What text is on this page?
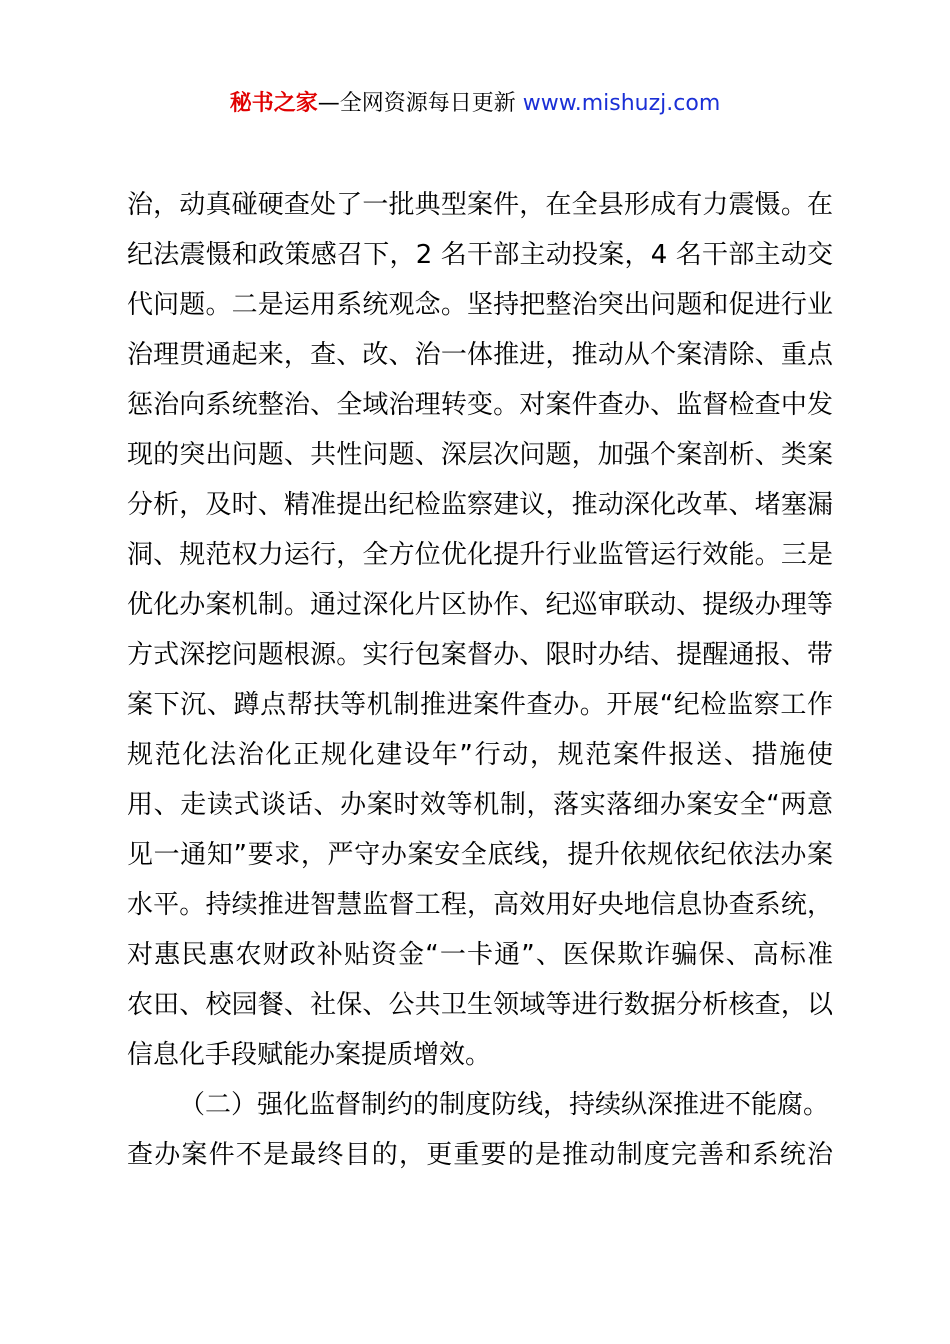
秘书之家—全网资源每日更新 www.mishuzj.com
治，动真碰硬查处了一批典型案件，在全县形成有力震慑。在
纪法震慑和政策感召下，2 名干部主动投案，4 名干部主动交
代问题。二是运用系统观念。坚持把整治突出问题和促进行业
治理贯通起来，查、改、治一体推进，推动从个案清除、重点
惩治向系统整治、全域治理转变。对案件查办、监督检查中发
现的突出问题、共性问题、深层次问题，加强个案剖析、类案
分析，及时、精准提出纪检监察建议，推动深化改革、堵塞漏
洞、规范权力运行，全方位优化提升行业监管运行效能。三是
优化办案机制。通过深化片区协作、纪巡审联动、提级办理等
方式深挖问题根源。实行包案督办、限时办结、提醒通报、带
案下沉、蹲点帮扶等机制推进案件查办。开展“纪检监察工作
规范化法治化正规化建设年”行动，规范案件报送、措施使
用、走读式谈话、办案时效等机制，落实落细办案安全“两意
见一通知”要求，严守办案安全底线，提升依规依纪依法办案
水平。持续推进智慧监督工程，高效用好央地信息协查系统，
对惠民惠农财政补贴资金“一卡通”、医保欺诈骗保、高标准
农田、校园餐、社保、公共卫生领域等进行数据分析核查，以
信息化手段赋能办案提质增效。
（二）强化监督制约的制度防线，持续纵深推进不能腐。
查办案件不是最终目的，更重要的是推动制度完善和系统治
